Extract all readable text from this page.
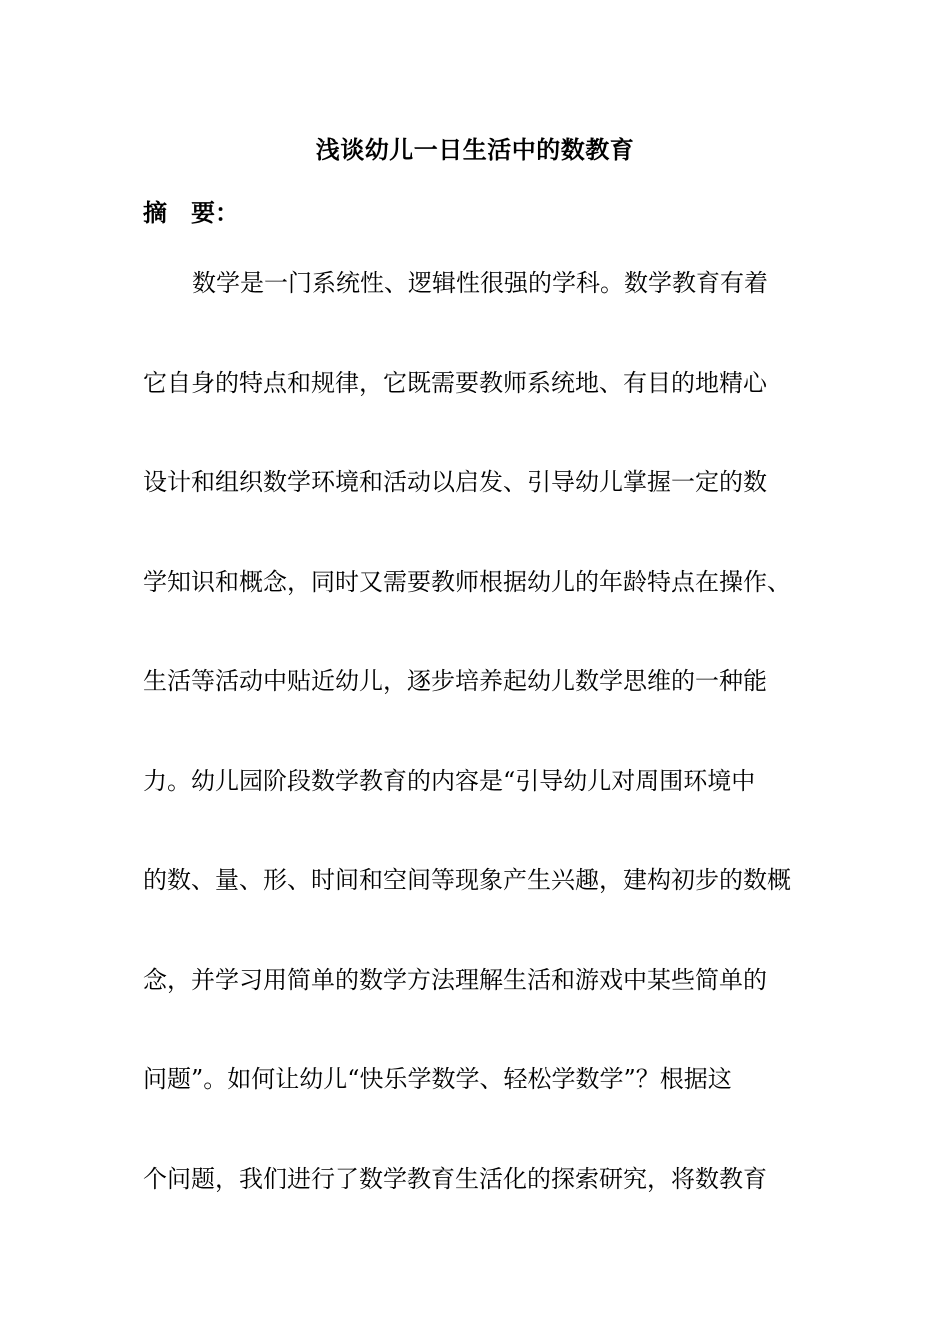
浅谈幼儿一日生活中的数教育
摘　要：
数学是一门系统性、逻辑性很强的学科。数学教育有着
它自身的特点和规律，它既需要教师系统地、有目的地精心
设计和组织数学环境和活动以启发、引导幼儿掌握一定的数
学知识和概念，同时又需要教师根据幼儿的年龄特点在操作、
生活等活动中贴近幼儿，逐步培养起幼儿数学思维的一种能
力。幼儿园阶段数学教育的内容是“引导幼儿对周围环境中
的数、量、形、时间和空间等现象产生兴趣，建构初步的数概
念，并学习用简单的数学方法理解生活和游戏中某些简单的
问题”。如何让幼儿“快乐学数学、轻松学数学”？根据这
个问题，我们进行了数学教育生活化的探索研究，将数教育
